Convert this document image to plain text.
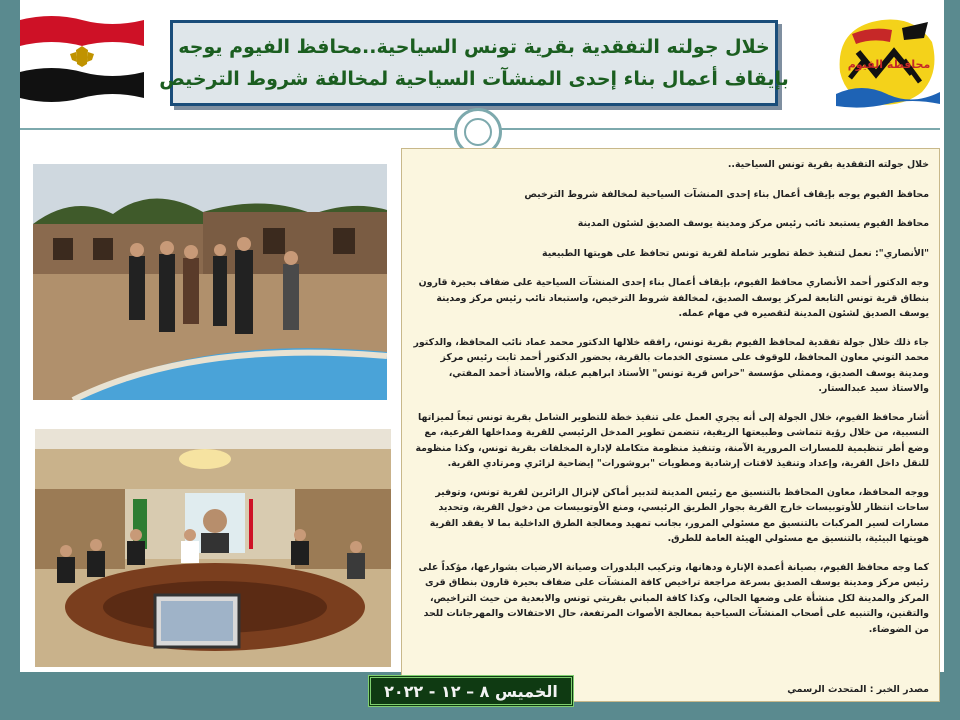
خلال جولته التفقدية بقرية تونس السياحية..محافظ الفيوم يوجه
بإيقاف أعمال بناء إحدى المنشآت السياحية لمخالفة شروط الترخيص
محافظة الفيوم

خلال جولته التفقدية بقرية تونس السياحية..

محافظ الفيوم يوجه بإيقاف أعمال بناء إحدى المنشآت السياحية لمخالفة شروط الترخيص

محافظ الفيوم يستبعد نائب رئيس مركز ومدينة يوسف الصديق لشئون المدينة

"الأنصاري": نعمل لتنفيذ خطة تطوير شاملة لقرية تونس تحافظ على هويتها الطبيعية

وجه الدكتور أحمد الأنصاري محافظ الفيوم، بإيقاف أعمال بناء إحدى المنشآت السياحية على ضفاف بحيرة قارون بنطاق قرية تونس التابعة لمركز يوسف الصديق، لمخالفة شروط الترخيص، واستبعاد نائب رئيس مركز ومدينة يوسف الصديق لشئون المدينة لتقصيره في مهام عمله.

جاء ذلك خلال جولة تفقدية لمحافظ الفيوم بقرية تونس، رافقه خلالها الدكتور محمد عماد نائب المحافظ، والدكتور محمد التوني معاون المحافظ، للوقوف على مستوى الخدمات بالقرية، بحضور الدكتور أحمد ثابت رئيس مركز ومدينة يوسف الصديق، وممثلي مؤسسة "حراس قرية تونس" الأستاذ ابراهيم عبلة، والأستاذ أحمد المفتي، والاستاذ سيد عبدالستار.

أشار محافظ الفيوم، خلال الجولة إلى أنه يجري العمل على تنفيذ خطة للتطوير الشامل بقرية تونس تبعاً لميزاتها النسبية، من خلال رؤية تتماشى وطبيعتها الريفية، تتضمن تطوير المدخل الرئيسي للقرية ومداخلها الفرعية، مع وضع أطر تنظيمية للمسارات المرورية الآمنة، وتنفيذ منظومة متكاملة لإدارة المخلفات بقرية تونس، وكذا منظومة للنقل داخل القرية، وإعداد وتنفيذ لافتات إرشادية ومطويات "بروشورات" إيضاحية لزائري ومرتادي القرية.

ووجه المحافظ، معاون المحافظ بالتنسيق مع رئيس المدينة لتدبير أماكن لإنزال الزائرين لقرية تونس، وتوفير ساحات انتظار للأوتوبيسات خارج القرية بجوار الطريق الرئيسي، ومنع الأوتوبيسات من دخول القرية، وتحديد مسارات لسير المركبات بالتنسيق مع مسئولي المرور، بجانب تمهيد ومعالجة الطرق الداخلية بما لا يفقد القرية هويتها البيئية، بالتنسيق مع مسئولي الهيئة العامة للطرق.

كما وجه محافظ الفيوم، بصيانة أعمدة الإنارة ودهانها، وتركيب البلدورات وصيانة الارضيات بشوارعها، مؤكداً على رئيس مركز ومدينة يوسف الصديق بسرعة مراجعة تراخيص كافة المنشآت على ضفاف بحيرة قارون بنطاق قرى المركز والمدينة لكل منشأة على وضعها الحالي، وكذا كافة المباني بقريتي تونس والابعدية من حيث التراخيص، والتقنين، والتنبيه على أصحاب المنشآت السياحية بمعالجة الأصوات المرتفعة، حال الاحتفالات والمهرجانات للحد من الضوضاء.

مصدر الخبر : المتحدث الرسمي
الخميس ٨ – ١٢ - ٢٠٢٢
